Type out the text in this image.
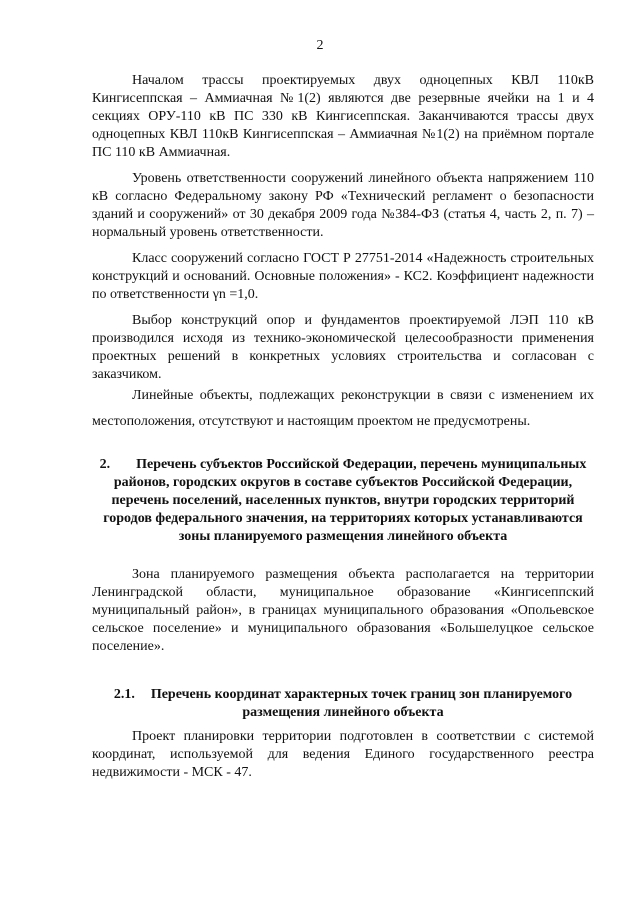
2

Началом трассы проектируемых двух одноцепных КВЛ 110кВ Кингисеппская – Аммиачная №1(2) являются две резервные ячейки на 1 и 4 секциях ОРУ-110 кВ ПС 330 кВ Кингисеппская. Заканчиваются трассы двух одноцепных КВЛ 110кВ Кингисеппская – Аммиачная №1(2) на приёмном портале ПС 110 кВ Аммиачная.

Уровень ответственности сооружений линейного объекта напряжением 110 кВ согласно Федеральному закону РФ «Технический регламент о безопасности зданий и сооружений» от 30 декабря 2009 года №384-ФЗ (статья 4, часть 2, п. 7) – нормальный уровень ответственности.

Класс сооружений согласно ГОСТ Р 27751-2014 «Надежность строительных конструкций и оснований. Основные положения» - КС2. Коэффициент надежности по ответственности γn =1,0.

Выбор конструкций опор и фундаментов проектируемой ЛЭП 110 кВ производился исходя из технико-экономической целесообразности применения проектных решений в конкретных условиях строительства и согласован с заказчиком.

Линейные объекты, подлежащих реконструкции в связи с изменением их местоположения, отсутствуют и настоящим проектом не предусмотрены.

2. Перечень субъектов Российской Федерации, перечень муниципальных районов, городских округов в составе субъектов Российской Федерации, перечень поселений, населенных пунктов, внутри городских территорий городов федерального значения, на территориях которых устанавливаются зоны планируемого размещения линейного объекта

Зона планируемого размещения объекта располагается на территории Ленинградской области, муниципальное образование «Кингисеппский муниципальный район», в границах муниципального образования «Опольевское сельское поселение» и муниципального образования «Большелуцкое сельское поселение».

2.1. Перечень координат характерных точек границ зон планируемого размещения линейного объекта

Проект планировки территории подготовлен в соответствии с системой координат, используемой для ведения Единого государственного реестра недвижимости - МСК - 47.
